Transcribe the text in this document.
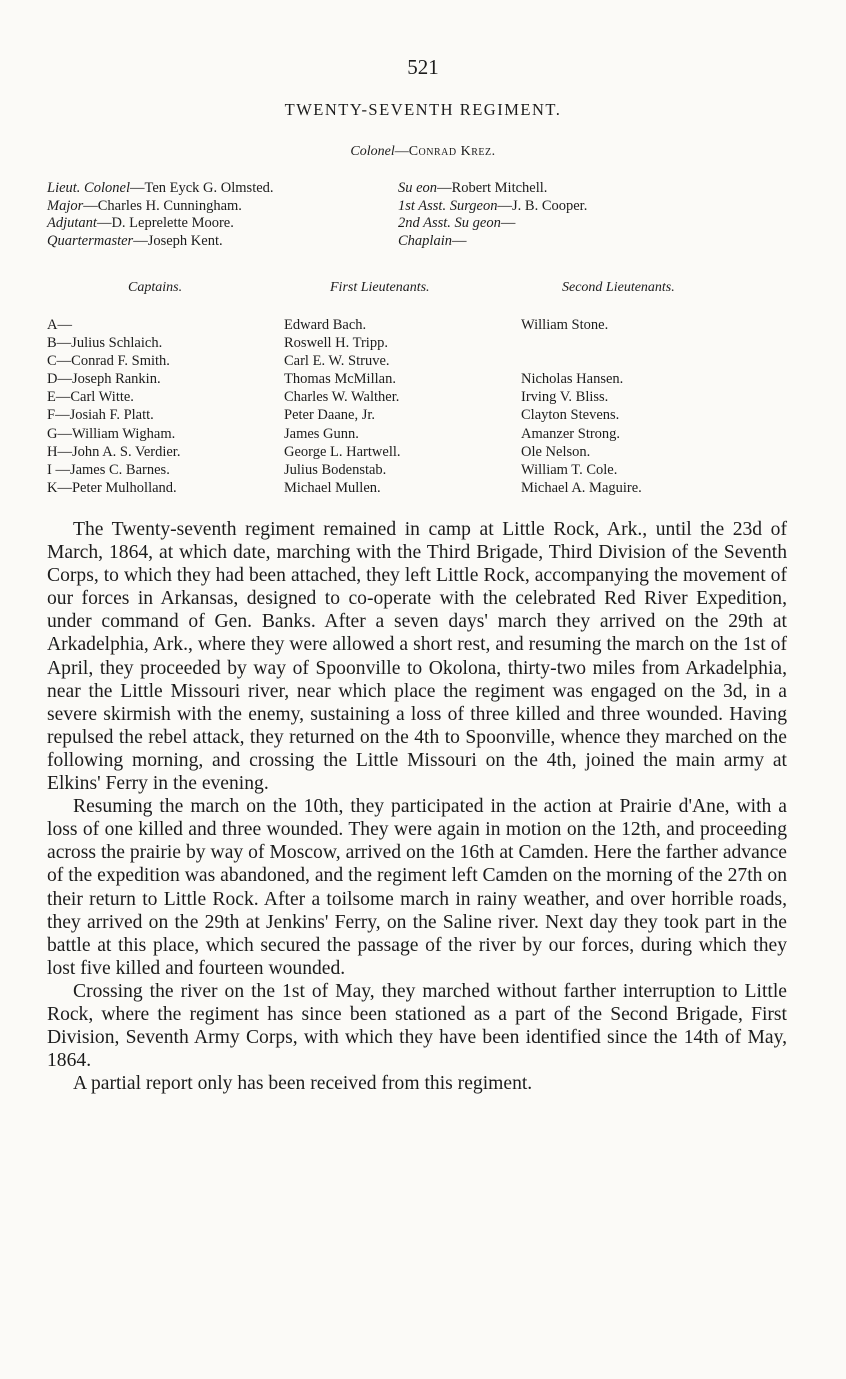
521
TWENTY-SEVENTH REGIMENT.
Colonel—Conrad Krez.
Lieut. Colonel—Ten Eyck G. Olmsted.
Major—Charles H. Cunningham.
Adjutant—D. Leprelette Moore.
Quartermaster—Joseph Kent.
Su eon—Robert Mitchell.
1st Asst. Surgeon—J. B. Cooper.
2nd Asst. Su geon—
Chaplain—
Captains.	First Lieutenants.	Second Lieutenants.
A—
B—Julius Schlaich.
C—Conrad F. Smith.
D—Joseph Rankin.
E—Carl Witte.
F—Josiah F. Platt.
G—William Wigham.
H—John A. S. Verdier.
I —James C. Barnes.
K—Peter Mulholland.
Edward Bach.
Roswell H. Tripp.
Carl E. W. Struve.
Thomas McMillan.
Charles W. Walther.
Peter Daane, Jr.
James Gunn.
George L. Hartwell.
Julius Bodenstab.
Michael Mullen.
William Stone.
Nicholas Hansen.
Irving V. Bliss.
Clayton Stevens.
Amanzer Strong.
Ole Nelson.
William T. Cole.
Michael A. Maguire.

The Twenty-seventh regiment remained in camp at Little Rock, Ark., until the 23d of March, 1864, at which date, marching with the Third Brigade, Third Division of the Seventh Corps, to which they had been attached, they left Little Rock, accompanying the movement of our forces in Arkansas, designed to co-operate with the celebrated Red River Expedition, under command of Gen. Banks. After a seven days' march they arrived on the 29th at Arkadelphia, Ark., where they were allowed a short rest, and resuming the march on the 1st of April, they proceeded by way of Spoonville to Okolona, thirty-two miles from Arkadelphia, near the Little Missouri river, near which place the regiment was engaged on the 3d, in a severe skirmish with the enemy, sustaining a loss of three killed and three wounded. Having repulsed the rebel attack, they returned on the 4th to Spoonville, whence they marched on the following morning, and crossing the Little Missouri on the 4th, joined the main army at Elkins' Ferry in the evening.

Resuming the march on the 10th, they participated in the action at Prairie d'Ane, with a loss of one killed and three wounded. They were again in motion on the 12th, and proceeding across the prairie by way of Moscow, arrived on the 16th at Camden. Here the farther advance of the expedition was abandoned, and the regiment left Camden on the morning of the 27th on their return to Little Rock. After a toilsome march in rainy weather, and over horrible roads, they arrived on the 29th at Jenkins' Ferry, on the Saline river. Next day they took part in the battle at this place, which secured the passage of the river by our forces, during which they lost five killed and fourteen wounded.

Crossing the river on the 1st of May, they marched without farther interruption to Little Rock, where the regiment has since been stationed as a part of the Second Brigade, First Division, Seventh Army Corps, with which they have been identified since the 14th of May, 1864.

A partial report only has been received from this regiment.
